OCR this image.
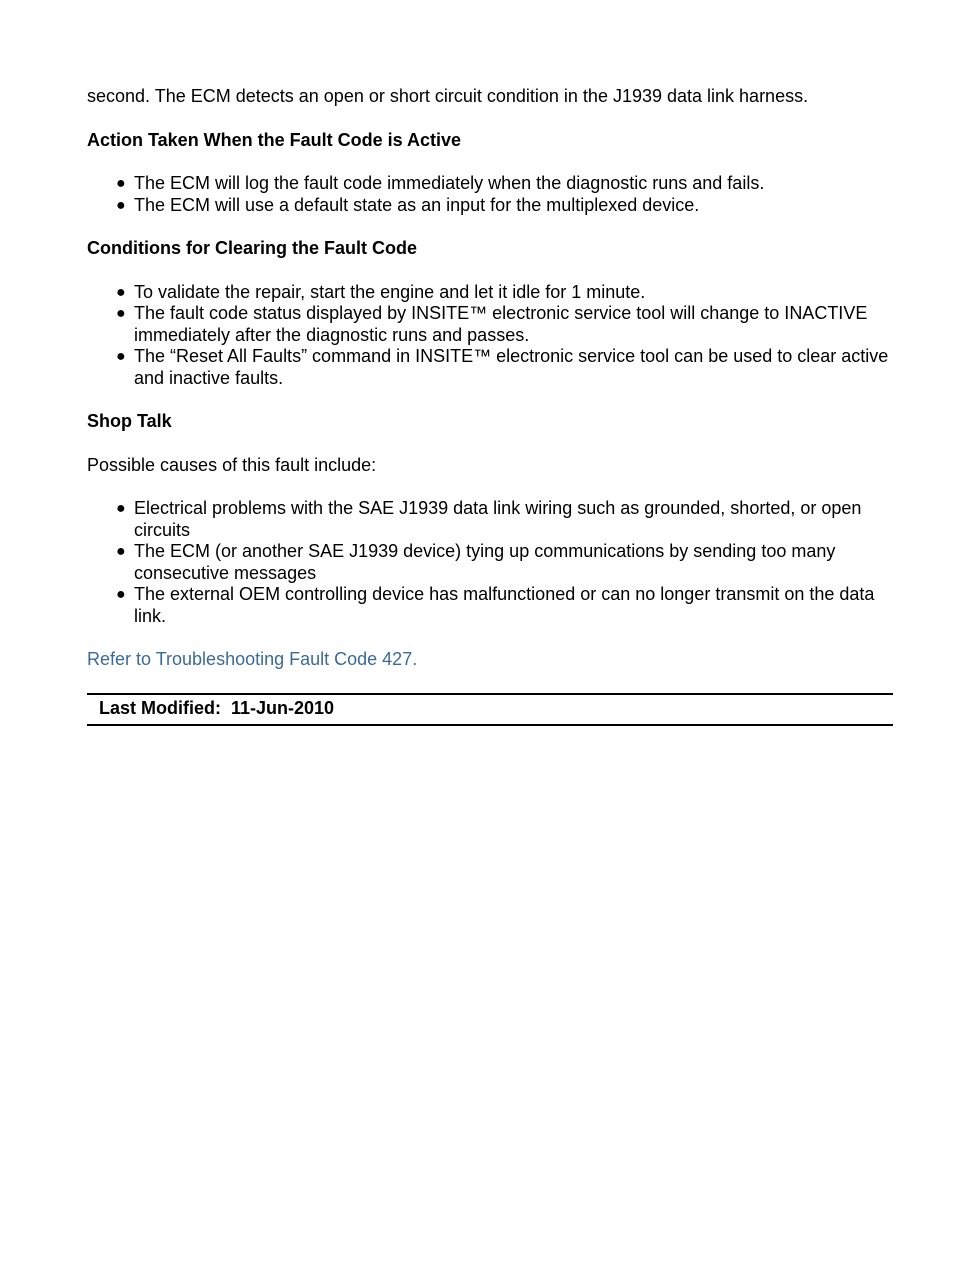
second. The ECM detects an open or short circuit condition in the J1939 data link harness.

Action Taken When the Fault Code is Active
● The ECM will log the fault code immediately when the diagnostic runs and fails.
● The ECM will use a default state as an input for the multiplexed device.
Conditions for Clearing the Fault Code
● To validate the repair, start the engine and let it idle for 1 minute.
● The fault code status displayed by INSITE™ electronic service tool will change to INACTIVE immediately after the diagnostic runs and passes.
● The “Reset All Faults” command in INSITE™ electronic service tool can be used to clear active and inactive faults.
Shop Talk

Possible causes of this fault include:

● Electrical problems with the SAE J1939 data link wiring such as grounded, shorted, or open circuits
● The ECM (or another SAE J1939 device) tying up communications by sending too many consecutive messages
● The external OEM controlling device has malfunctioned or can no longer transmit on the data link.

Refer to Troubleshooting Fault Code 427.

Last Modified: 11-Jun-2010
